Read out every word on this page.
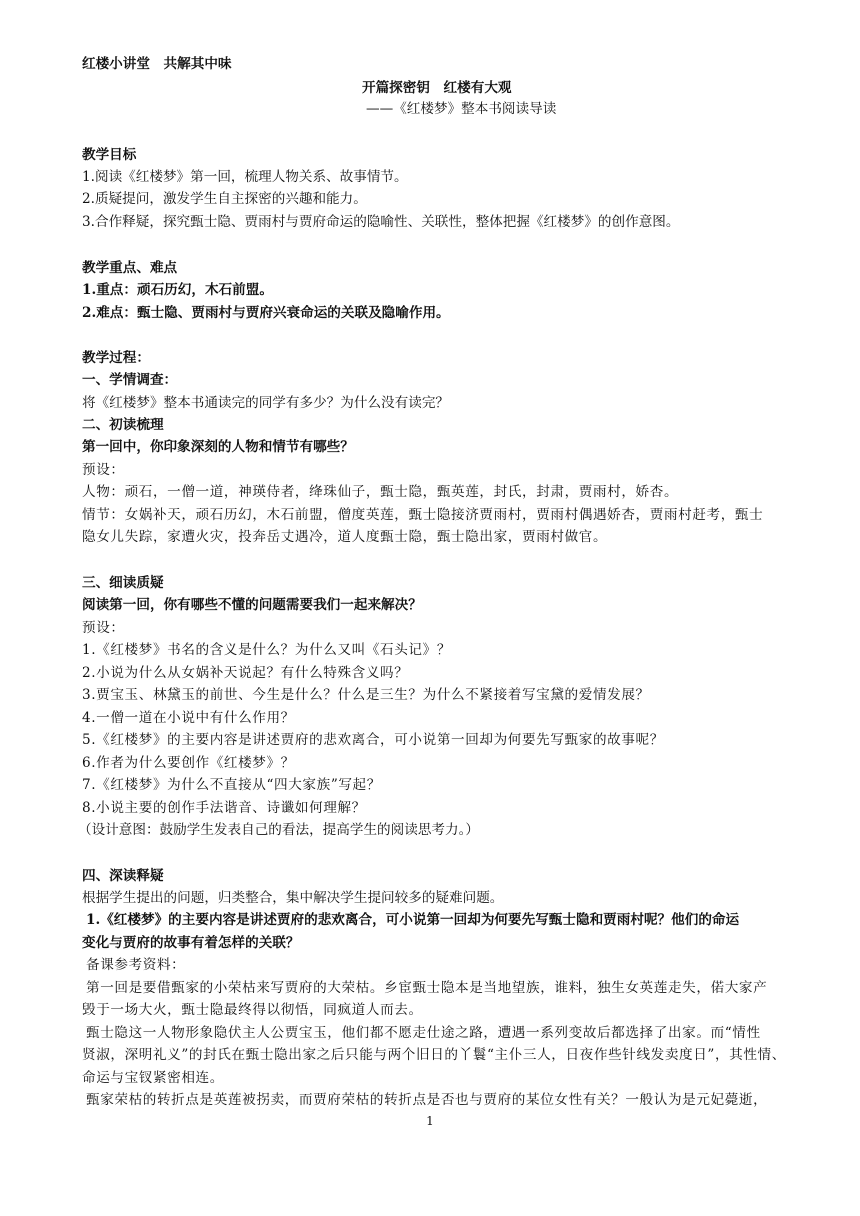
红楼小讲堂　共解其中味
开篇探密钥　红楼有大观
——《红楼梦》整本书阅读导读
教学目标
1.阅读《红楼梦》第一回，梳理人物关系、故事情节。
2.质疑提问，激发学生自主探密的兴趣和能力。
3.合作释疑，探究甄士隐、贾雨村与贾府命运的隐喻性、关联性，整体把握《红楼梦》的创作意图。
教学重点、难点
1.重点：顽石历幻，木石前盟。
2.难点：甄士隐、贾雨村与贾府兴衰命运的关联及隐喻作用。
教学过程：
一、学情调查：
将《红楼梦》整本书通读完的同学有多少？为什么没有读完？
二、初读梳理
第一回中，你印象深刻的人物和情节有哪些？
预设：
人物：顽石，一僧一道，神瑛侍者，绛珠仙子，甄士隐，甄英莲，封氏，封肃，贾雨村，娇杏。
情节：女娲补天，顽石历幻，木石前盟，僧度英莲，甄士隐接济贾雨村，贾雨村偶遇娇杏，贾雨村赶考，甄士
隐女儿失踪，家遭火灾，投奔岳丈遇冷，道人度甄士隐，甄士隐出家，贾雨村做官。
三、细读质疑
阅读第一回，你有哪些不懂的问题需要我们一起来解决？
预设：
1.《红楼梦》书名的含义是什么？为什么又叫《石头记》？
2.小说为什么从女娲补天说起？有什么特殊含义吗？
3.贾宝玉、林黛玉的前世、今生是什么？什么是三生？为什么不紧接着写宝黛的爱情发展？
4.一僧一道在小说中有什么作用？
5.《红楼梦》的主要内容是讲述贾府的悲欢离合，可小说第一回却为何要先写甄家的故事呢？
6.作者为什么要创作《红楼梦》？
7.《红楼梦》为什么不直接从“四大家族”写起？
8.小说主要的创作手法谐音、诗谶如何理解？
（设计意图：鼓励学生发表自己的看法，提高学生的阅读思考力。）
四、深读释疑
根据学生提出的问题，归类整合，集中解决学生提问较多的疑难问题。
1.《红楼梦》的主要内容是讲述贾府的悲欢离合，可小说第一回却为何要先写甄士隐和贾雨村呢？他们的命运
变化与贾府的故事有着怎样的关联？
备课参考资料：
第一回是要借甄家的小荣枯来写贾府的大荣枯。乡宦甄士隐本是当地望族，谁料，独生女英莲走失，偌大家产
毁于一场大火，甄士隐最终得以彻悟，同疯道人而去。
甄士隐这一人物形象隐伏主人公贾宝玉，他们都不愿走仕途之路，遭遇一系列变故后都选择了出家。而“情性
贤淑，深明礼义”的封氏在甄士隐出家之后只能与两个旧日的丫鬟“主仆三人，日夜作些针线发卖度日”，其性情、
命运与宝钗紧密相连。
甄家荣枯的转折点是英莲被拐卖，而贾府荣枯的转折点是否也与贾府的某位女性有关？一般认为是元妃薨逝，
1
